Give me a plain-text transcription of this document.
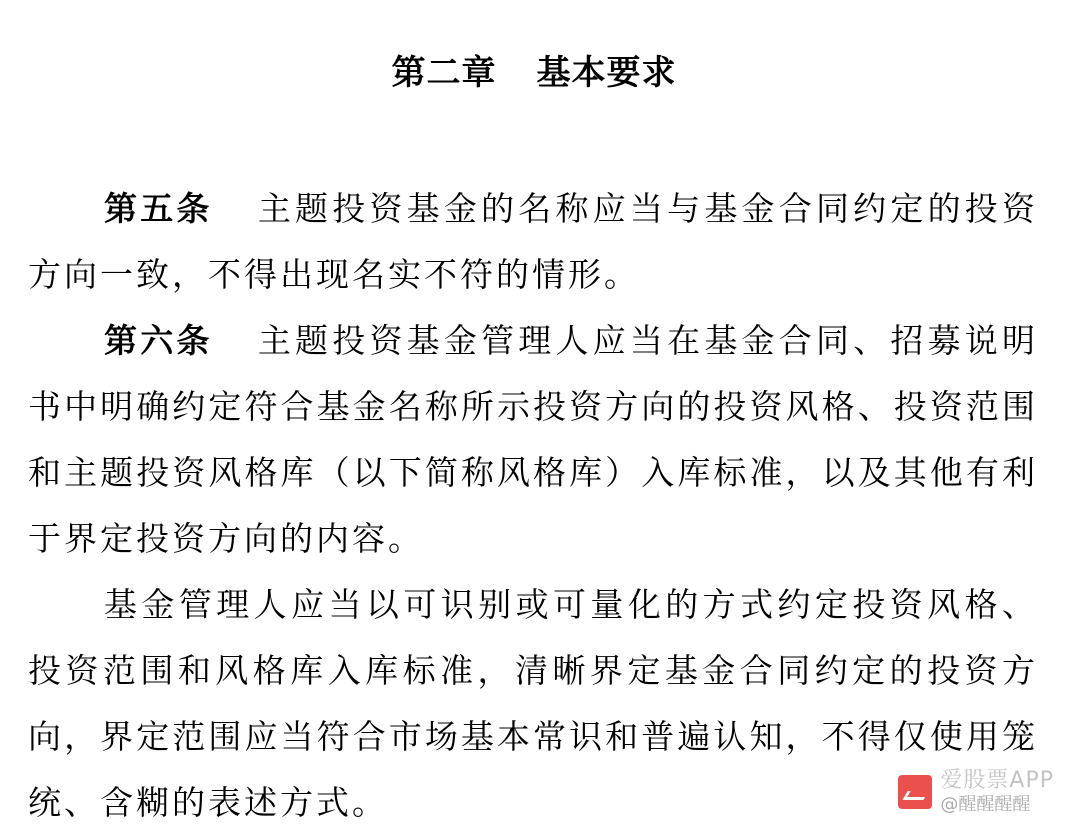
第二章 基本要求

第五条 主题投资基金的名称应当与基金合同约定的投资方向一致，不得出现名实不符的情形。

第六条 主题投资基金管理人应当在基金合同、招募说明书中明确约定符合基金名称所示投资方向的投资风格、投资范围和主题投资风格库（以下简称风格库）入库标准，以及其他有利于界定投资方向的内容。

基金管理人应当以可识别或可量化的方式约定投资风格、投资范围和风格库入库标准，清晰界定基金合同约定的投资方向，界定范围应当符合市场基本常识和普遍认知，不得仅使用笼统、含糊的表述方式。

爱股票APP
@醒醒醒醒
